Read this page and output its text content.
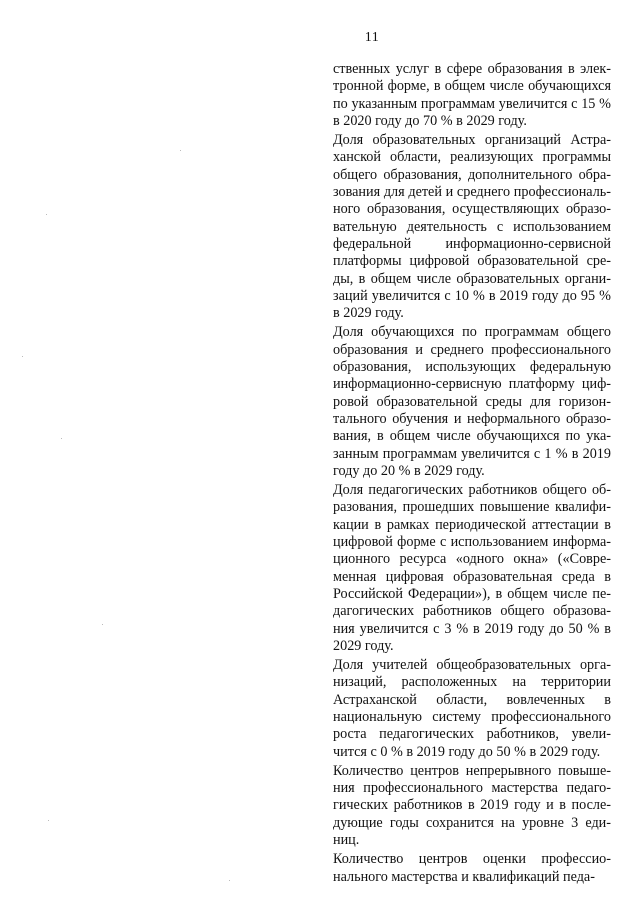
11
ственных услуг в сфере образования в элек-
тронной форме, в общем числе обучающихся
по указанным программам увеличится с 15 %
в 2020 году до 70 % в 2029 году.
Доля образовательных организаций Астра-
ханской области, реализующих программы
общего образования, дополнительного обра-
зования для детей и среднего профессиональ-
ного образования, осуществляющих образо-
вательную деятельность с использованием
федеральной информационно-сервисной
платформы цифровой образовательной сре-
ды, в общем числе образовательных органи-
заций увеличится с 10 % в 2019 году до 95 %
в 2029 году.
Доля обучающихся по программам общего
образования и среднего профессионального
образования, использующих федеральную
информационно-сервисную платформу циф-
ровой образовательной среды для горизон-
тального обучения и неформального образо-
вания, в общем числе обучающихся по ука-
занным программам увеличится с 1 % в 2019
году до 20 % в 2029 году.
Доля педагогических работников общего об-
разования, прошедших повышение квалифи-
кации в рамках периодической аттестации в
цифровой форме с использованием информа-
ционного ресурса «одного окна» («Совре-
менная цифровая образовательная среда в
Российской Федерации»), в общем числе пе-
дагогических работников общего образова-
ния увеличится с 3 % в 2019 году до 50 % в
2029 году.
Доля учителей общеобразовательных орга-
низаций, расположенных на территории
Астраханской области, вовлеченных в
национальную систему профессионального
роста педагогических работников, увели-
чится с 0 % в 2019 году до 50 % в 2029 году.
Количество центров непрерывного повыше-
ния профессионального мастерства педаго-
гических работников в 2019 году и в после-
дующие годы сохранится на уровне 3 еди-
ниц.
Количество центров оценки профессио-
нального мастерства и квалификаций педа-
